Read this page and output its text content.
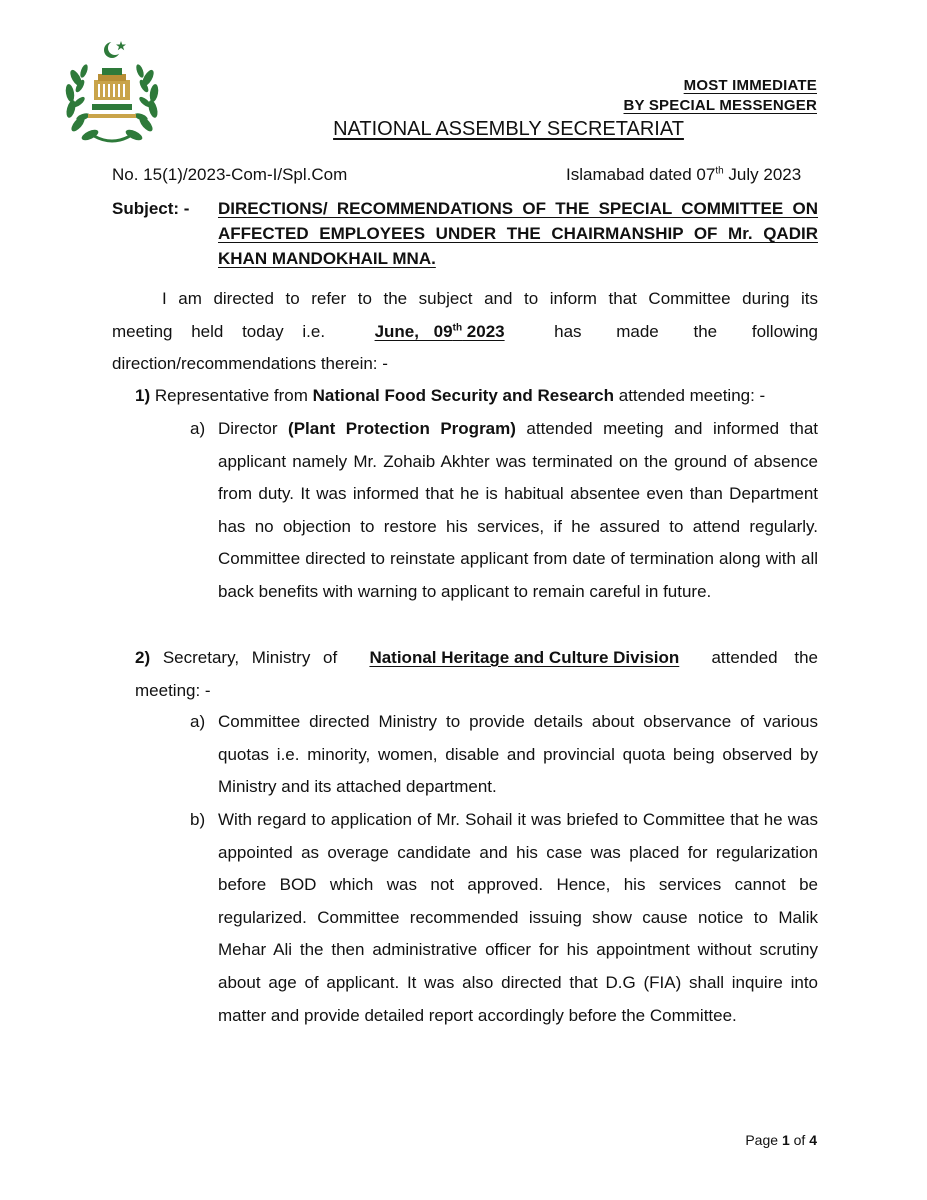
MOST IMMEDIATE
BY SPECIAL MESSENGER
NATIONAL ASSEMBLY SECRETARIAT
No. 15(1)/2023-Com-I/Spl.Com	Islamabad dated 07th July 2023
Subject: - DIRECTIONS/ RECOMMENDATIONS OF THE SPECIAL COMMITTEE ON
AFFECTED EMPLOYEES UNDER THE CHAIRMANSHIP OF Mr. QADIR
KHAN MANDOKHAIL MNA.
I am directed to refer to the subject and to inform that Committee during its
meeting held today i.e.	June, 09th 2023	has made the following
direction/recommendations therein: -
1) Representative from National Food Security and Research attended meeting: -
a) Director (Plant Protection Program) attended meeting and informed that applicant namely Mr. Zohaib Akhter was terminated on the ground of absence from duty. It was informed that he is habitual absentee even than Department has no objection to restore his services, if he assured to attend regularly. Committee directed to reinstate applicant from date of termination along with all back benefits with warning to applicant to remain careful in future.
2) Secretary, Ministry of National Heritage and Culture Division attended the
meeting: -
a) Committee directed Ministry to provide details about observance of various quotas i.e. minority, women, disable and provincial quota being observed by Ministry and its attached department.
b) With regard to application of Mr. Sohail it was briefed to Committee that he was appointed as overage candidate and his case was placed for regularization before BOD which was not approved. Hence, his services cannot be regularized. Committee recommended issuing show cause notice to Malik Mehar Ali the then administrative officer for his appointment without scrutiny about age of applicant. It was also directed that D.G (FIA) shall inquire into matter and provide detailed report accordingly before the Committee.
Page 1 of 4
